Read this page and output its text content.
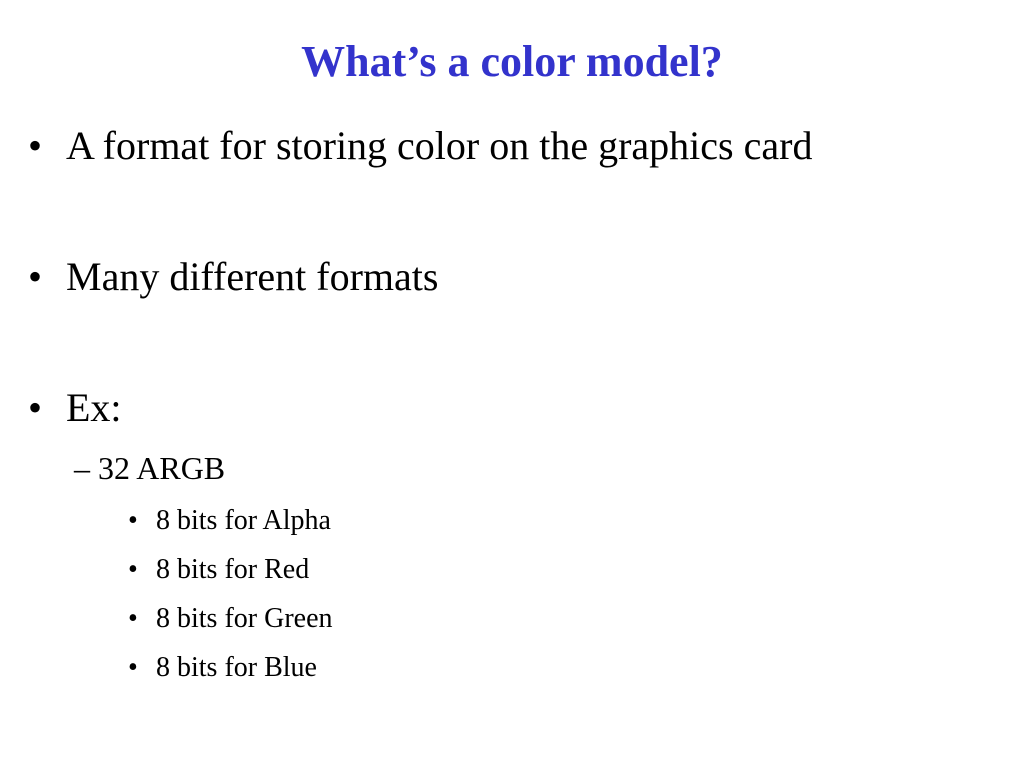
What’s a color model?
• A format for storing color on the graphics card
• Many different formats
• Ex:
– 32 ARGB
• 8 bits for Alpha
• 8 bits for Red
• 8 bits for Green
• 8 bits for Blue
